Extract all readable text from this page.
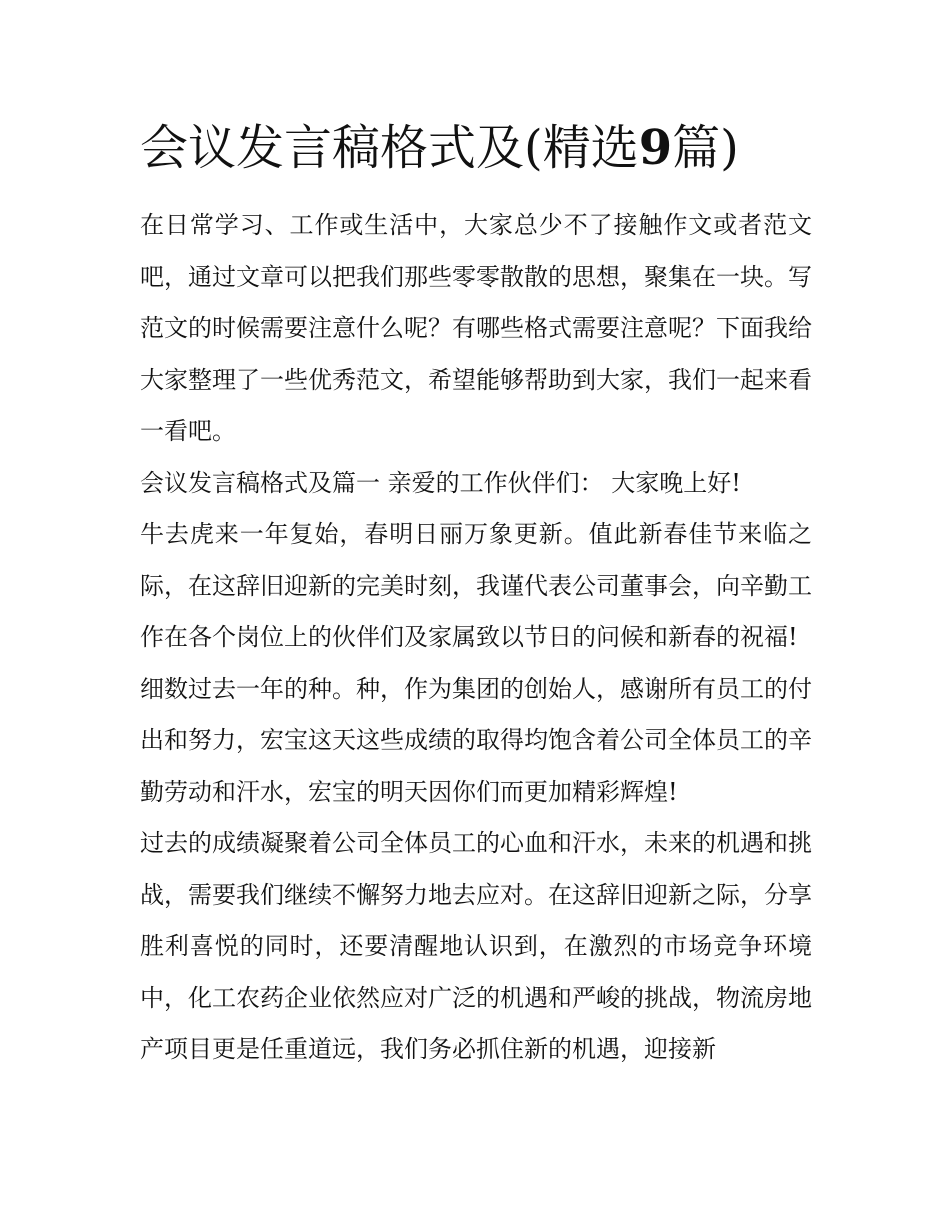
会议发言稿格式及(精选9篇)

在日常学习、工作或生活中，大家总少不了接触作文或者范文吧，通过文章可以把我们那些零零散散的思想，聚集在一块。写范文的时候需要注意什么呢？有哪些格式需要注意呢？下面我给大家整理了一些优秀范文，希望能够帮助到大家，我们一起来看一看吧。

会议发言稿格式及篇一 亲爱的工作伙伴们： 大家晚上好!

牛去虎来一年复始，春明日丽万象更新。值此新春佳节来临之际，在这辞旧迎新的完美时刻，我谨代表公司董事会，向辛勤工作在各个岗位上的伙伴们及家属致以节日的问候和新春的祝福!

细数过去一年的种。种，作为集团的创始人，感谢所有员工的付出和努力，宏宝这天这些成绩的取得均饱含着公司全体员工的辛勤劳动和汗水，宏宝的明天因你们而更加精彩辉煌!

过去的成绩凝聚着公司全体员工的心血和汗水，未来的机遇和挑战，需要我们继续不懈努力地去应对。在这辞旧迎新之际，分享胜利喜悦的同时，还要清醒地认识到，在激烈的市场竞争环境中，化工农药企业依然应对广泛的机遇和严峻的挑战，物流房地产项目更是任重道远，我们务必抓住新的机遇，迎接新
